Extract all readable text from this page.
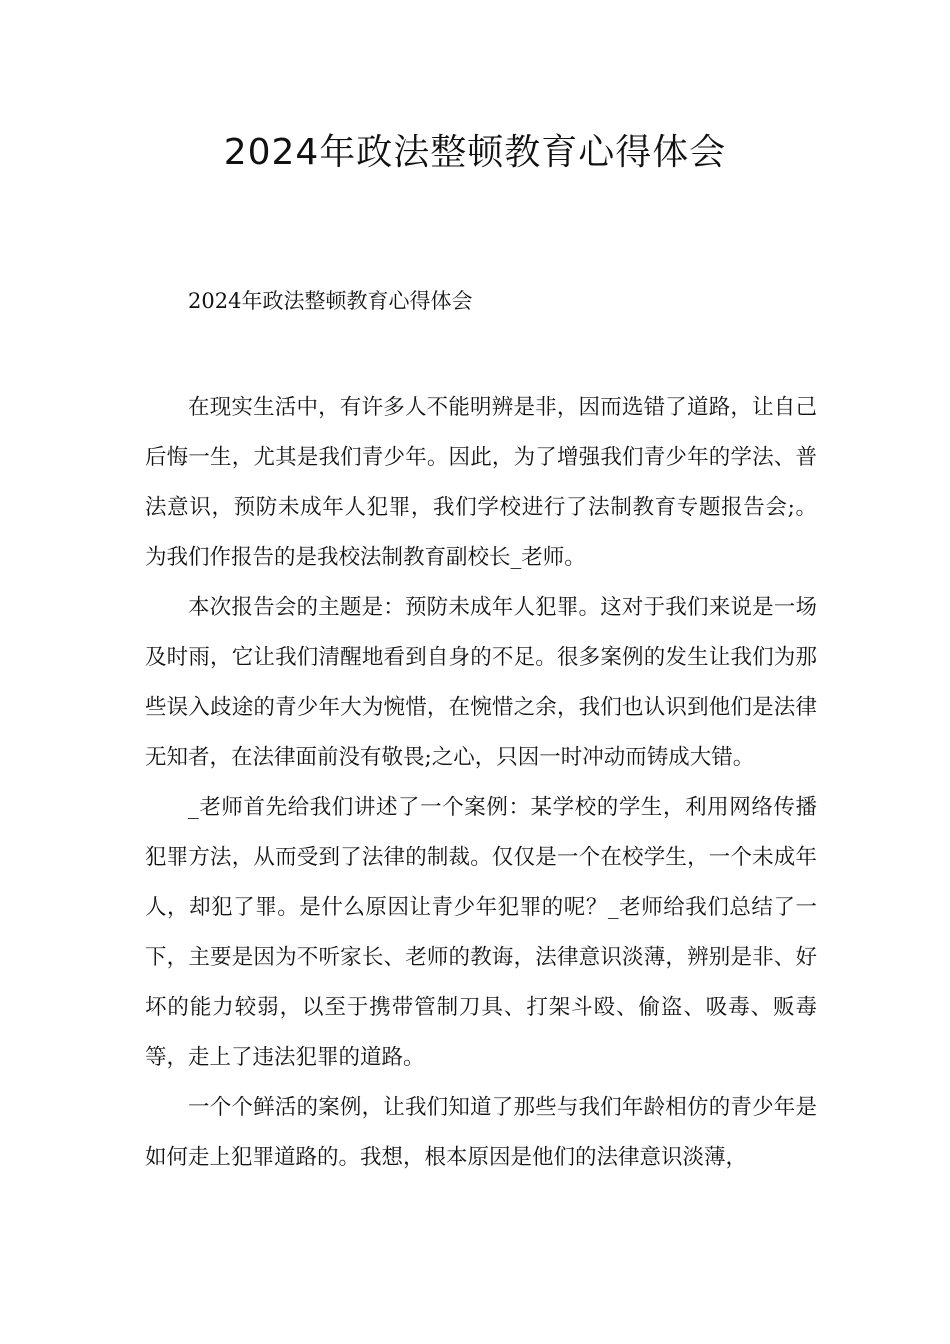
2024年政法整顿教育心得体会

2024年政法整顿教育心得体会

在现实生活中，有许多人不能明辨是非，因而选错了道路，让自己后悔一生，尤其是我们青少年。因此，为了增强我们青少年的学法、普法意识，预防未成年人犯罪，我们学校进行了法制教育专题报告会;。为我们作报告的是我校法制教育副校长_老师。

本次报告会的主题是：预防未成年人犯罪。这对于我们来说是一场及时雨，它让我们清醒地看到自身的不足。很多案例的发生让我们为那些误入歧途的青少年大为惋惜，在惋惜之余，我们也认识到他们是法律无知者，在法律面前没有敬畏;之心，只因一时冲动而铸成大错。

_老师首先给我们讲述了一个案例：某学校的学生，利用网络传播犯罪方法，从而受到了法律的制裁。仅仅是一个在校学生，一个未成年人，却犯了罪。是什么原因让青少年犯罪的呢？_老师给我们总结了一下，主要是因为不听家长、老师的教诲，法律意识淡薄，辨别是非、好坏的能力较弱，以至于携带管制刀具、打架斗殴、偷盗、吸毒、贩毒等，走上了违法犯罪的道路。

一个个鲜活的案例，让我们知道了那些与我们年龄相仿的青少年是如何走上犯罪道路的。我想，根本原因是他们的法律意识淡薄，
